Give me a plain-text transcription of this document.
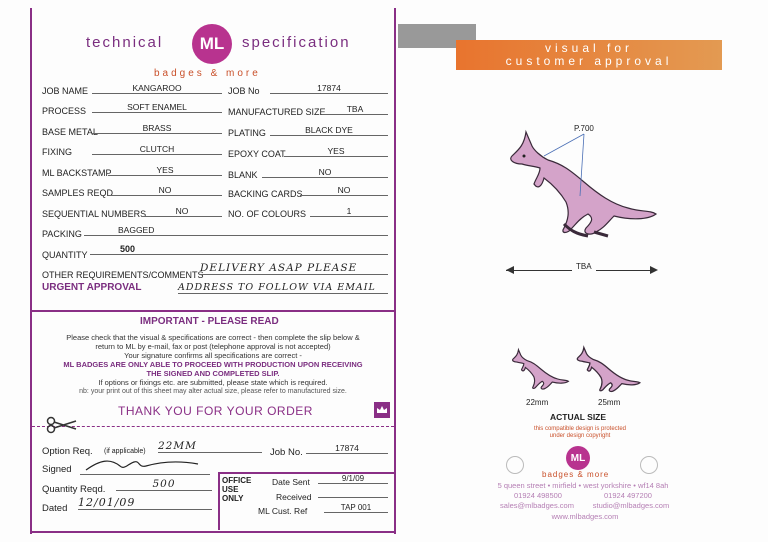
technical	ML	specification
badges & more
JOB NAME	KANGAROO	JOB No	17874
PROCESS	SOFT ENAMEL	MANUFACTURED SIZE	TBA
BASE METAL	BRASS	PLATING	BLACK DYE
FIXING	CLUTCH	EPOXY COAT	YES
ML BACKSTAMP	YES	BLANK	NO
SAMPLES REQD.	NO	BACKING CARDS	NO
SEQUENTIAL NUMBERS	NO	NO. OF COLOURS	1
PACKING	BAGGED
QUANTITY
500
OTHER REQUIREMENTS/COMMENTS
DELIVERY ASAP PLEASE
URGENT APPROVAL	ADDRESS TO FOLLOW VIA EMAIL
IMPORTANT - PLEASE READ
Please check that the visual & specifications are correct - then complete the slip below &
return to ML by e-mail, fax or post (telephone approval is not accepted)
Your signature confirms all specifications are correct -
ML BADGES ARE ONLY ABLE TO PROCEED WITH PRODUCTION UPON RECEIVING
THE SIGNED AND COMPLETED SLIP.
If options or fixings etc. are submitted, please state which is required.
nb: your print out of this sheet may alter actual size, please refer to manufactured size.
THANK YOU FOR YOUR ORDER
Option Req. (if applicable) 22MM
Job No.	17874
Signed
Quantity Reqd.	500
Dated 12/01/09
OFFICE USE ONLY
Date Sent	9/1/09
Received
ML Cust. Ref	TAP 001
visual for
customer approval
P.700
TBA
22mm	25mm
ACTUAL SIZE
this compatible design is protected
under design copyright
ML
badges & more
5 queen street • mirfield • west yorkshire • wf14 8ah
01924 498500	01924 497200
sales@mlbadges.com	studio@mlbadges.com
www.mlbadges.com
